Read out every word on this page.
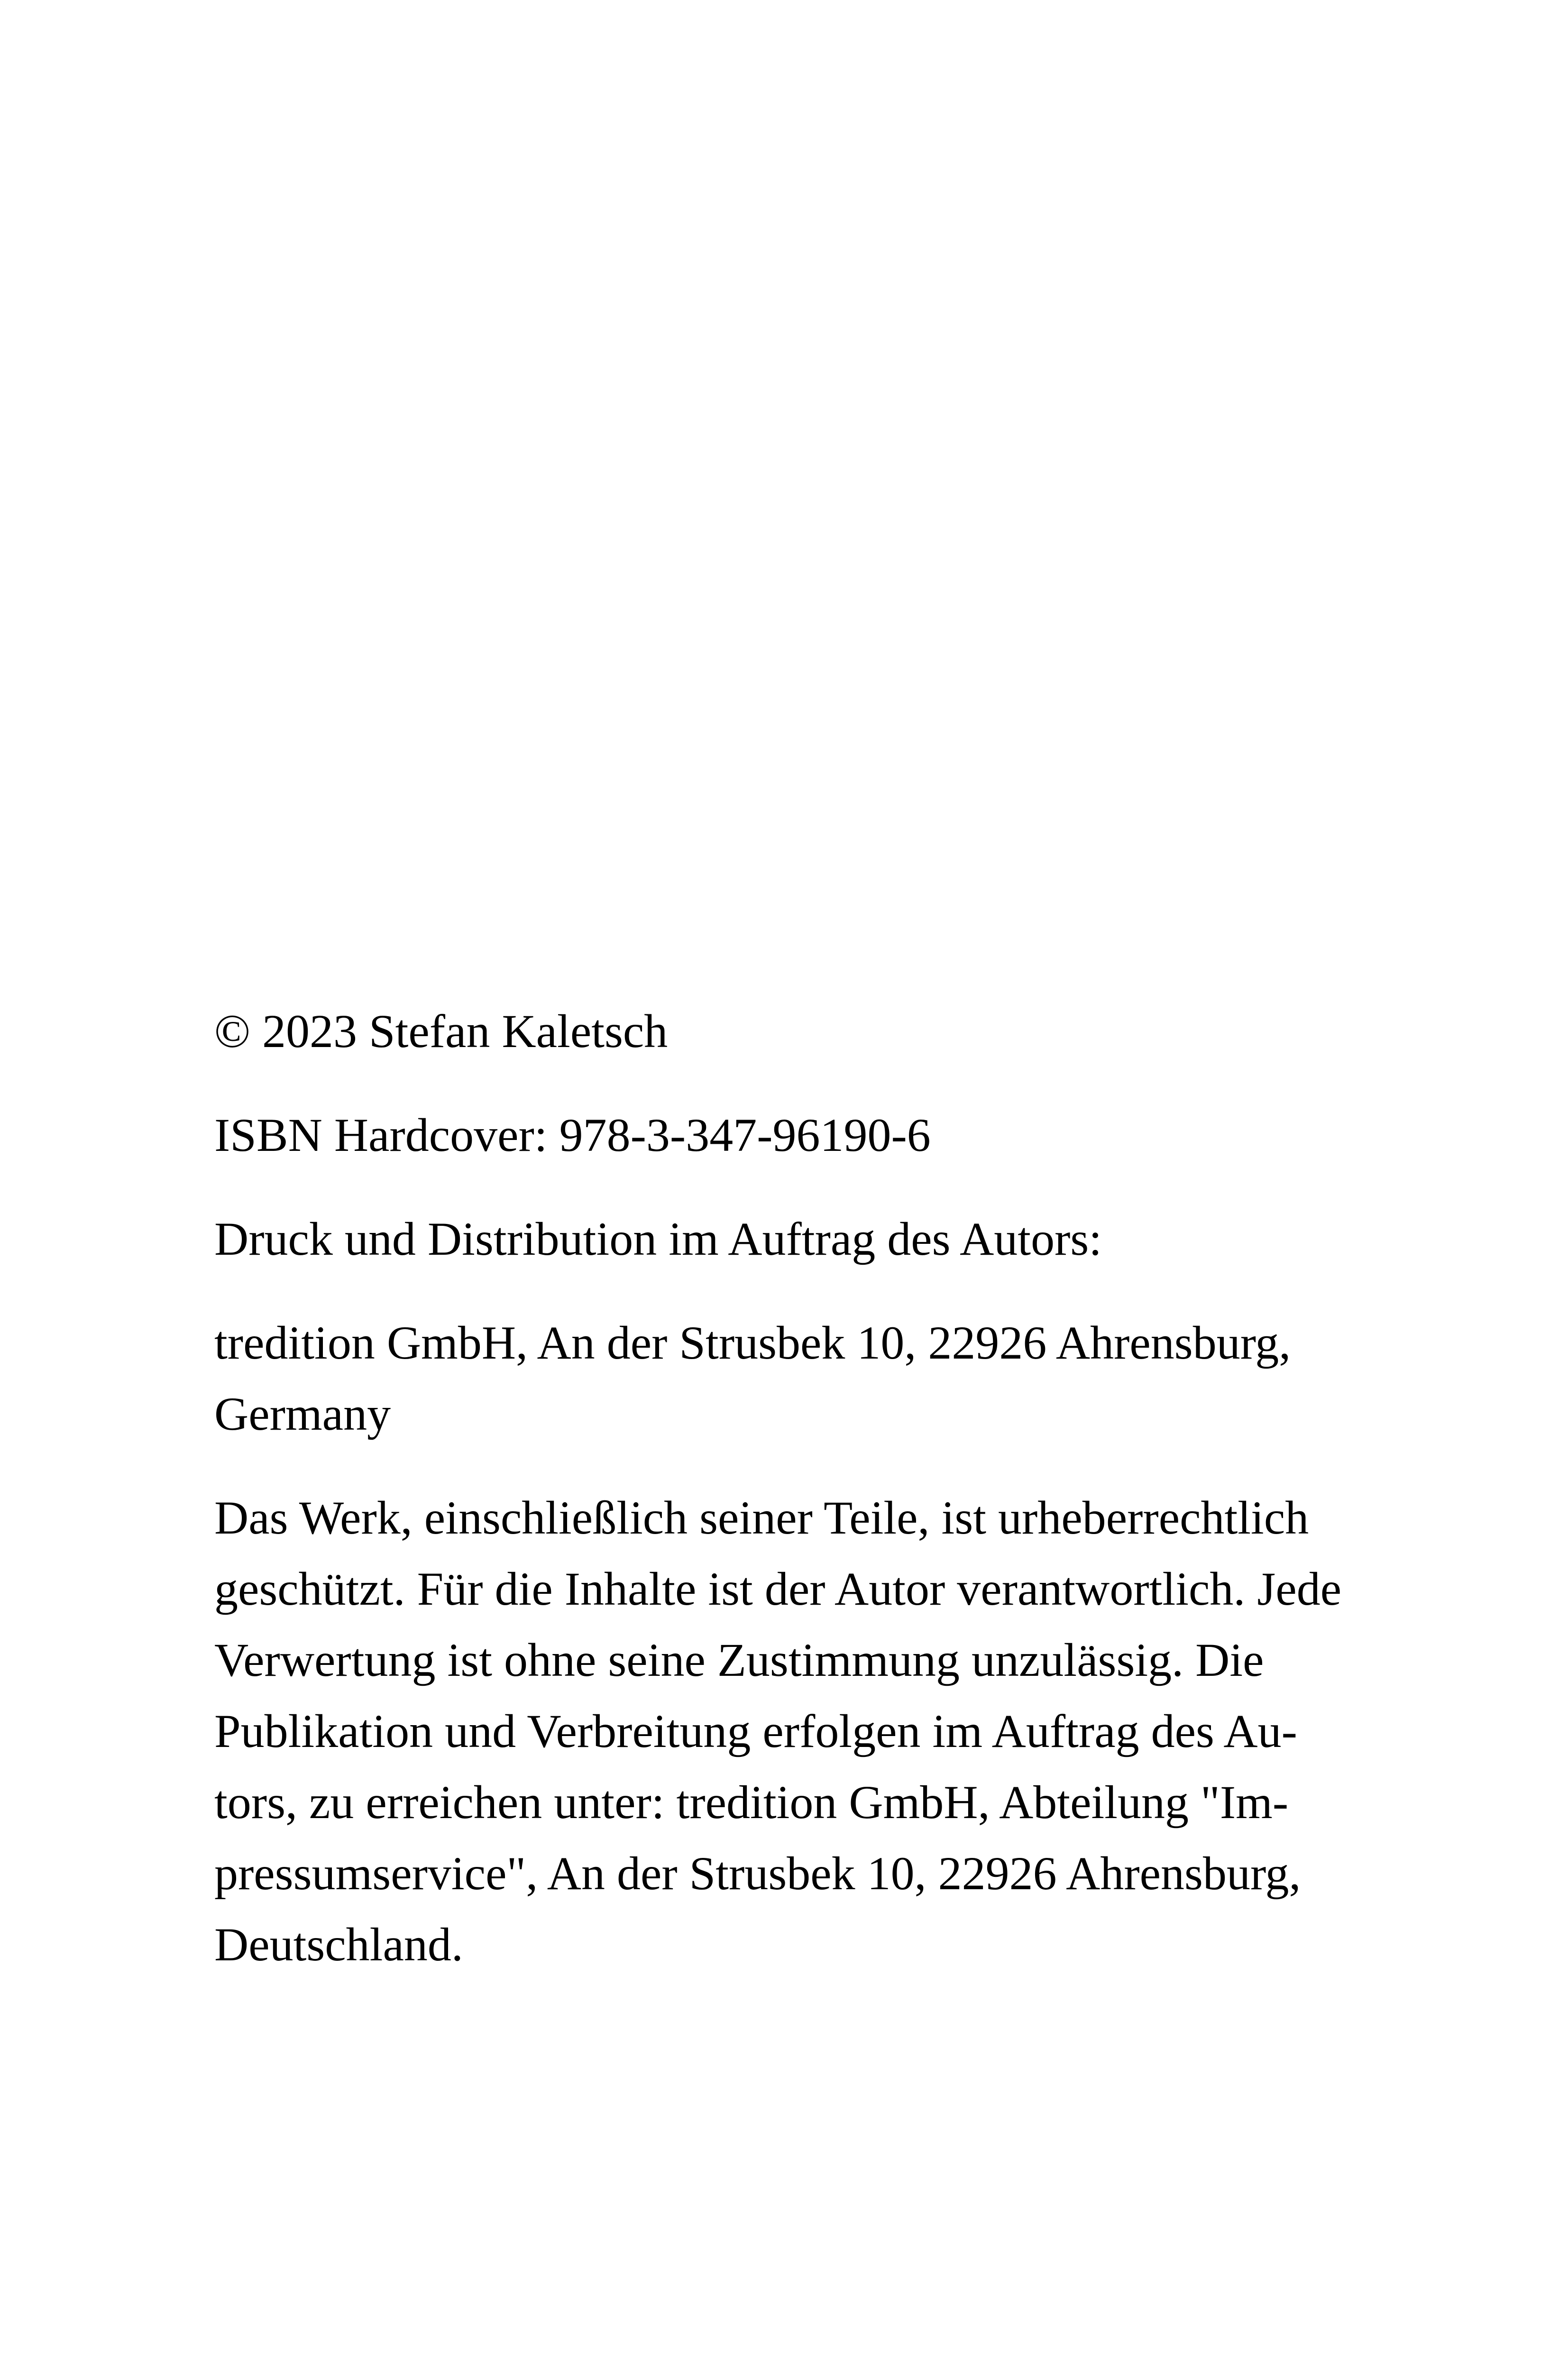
© 2023 Stefan Kaletsch

ISBN Hardcover: 978-3-347-96190-6

Druck und Distribution im Auftrag des Autors:

tredition GmbH, An der Strusbek 10, 22926 Ahrensburg,

Germany

Das Werk, einschließlich seiner Teile, ist urheberrechtlich

geschützt. Für die Inhalte ist der Autor verantwortlich. Jede

Verwertung ist ohne seine Zustimmung unzulässig. Die

Publikation und Verbreitung erfolgen im Auftrag des Au-

tors, zu erreichen unter: tredition GmbH, Abteilung "Im-

pressumservice", An der Strusbek 10, 22926 Ahrensburg,

Deutschland.
